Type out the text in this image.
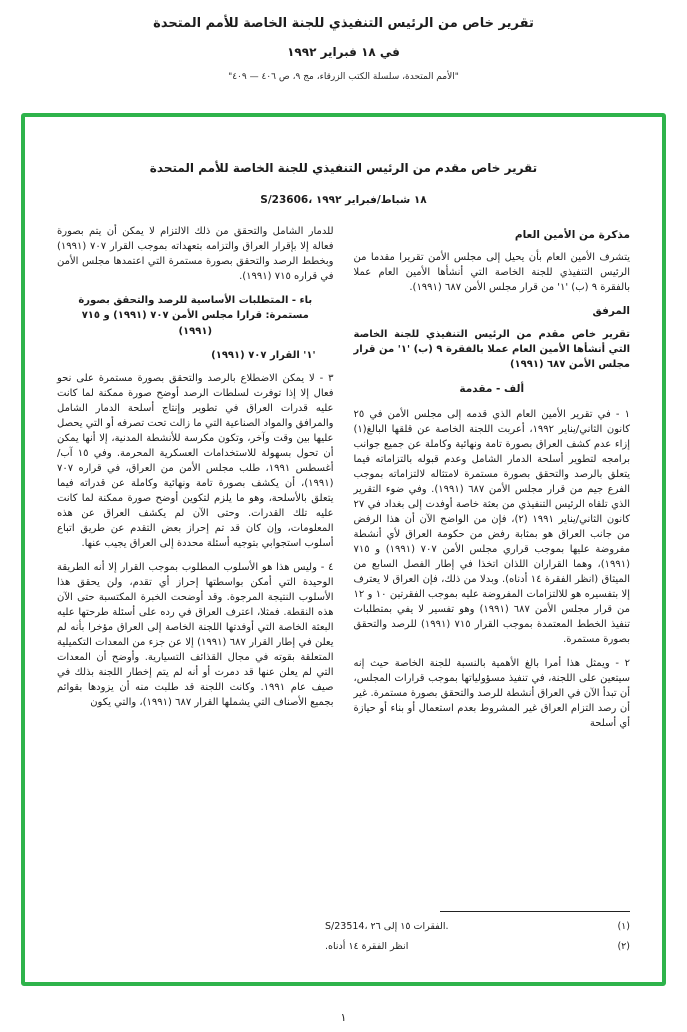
تقرير خاص من الرئيس التنفيذي للجنة الخاصة للأمم المتحدة
في ١٨ فبراير ١٩٩٢
"الأمم المتحدة، سلسلة الكتب الزرقاء، مج ٩، ص ٤٠٦ — ٤٠٩"
تقرير خاص مقدم من الرئيس التنفيذي للجنة الخاصة للأمم المتحدة
S/23606، ١٨ شباط/فبراير ١٩٩٢
مذكرة من الأمين العام

يتشرف الأمين العام بأن يحيل إلى مجلس الأمن تقريرا مقدما من الرئيس التنفيذي للجنة الخاصة التي أنشأها الأمين العام عملا بالفقرة ٩ (ب) '١' من قرار مجلس الأمن ٦٨٧ (١٩٩١).

المرفق

تقرير خاص مقدم من الرئيس التنفيذي للجنة الخاصة التي أنشأها الأمين العام عملا بالفقرة ٩ (ب) '١' من قرار مجلس الأمن ٦٨٧ (١٩٩١)

ألف - مقدمة

١ - في تقرير الأمين العام الذي قدمه إلى مجلس الأمن في ٢٥ كانون الثاني/يناير ١٩٩٢، أعربت اللجنة الخاصة عن قلقها البالغ(١) إزاء عدم كشف العراق بصورة تامة ونهائية وكاملة عن جميع جوانب برامجه لتطوير أسلحة الدمار الشامل وعدم قبوله بالتزاماته فيما يتعلق بالرصد والتحقق بصورة مستمرة لامتثاله لالتزاماته بموجب الفرع جيم من قرار مجلس الأمن ٦٨٧ (١٩٩١). وفي ضوء التقرير الذي تلقاه الرئيس التنفيذي من بعثة خاصة أوفدت إلى بغداد في ٢٧ كانون الثاني/يناير ١٩٩١ (٢)، فإن من الواضح الآن أن هذا الرفض من جانب العراق هو بمثابة رفض من حكومة العراق لأي أنشطة مفروضة عليها بموجب قراري مجلس الأمن ٧٠٧ (١٩٩١) و ٧١٥ (١٩٩١)، وهما القراران اللذان اتخذا في إطار الفصل السابع من الميثاق (انظر الفقرة ١٤ أدناه). وبدلا من ذلك، فإن العراق لا يعترف إلا بتفسيره هو للالتزامات المفروضة عليه بموجب الفقرتين ١٠ و ١٢ من قرار مجلس الأمن ٦٨٧ (١٩٩١) وهو تفسير لا يفي بمتطلبات تنفيذ الخطط المعتمدة بموجب القرار ٧١٥ (١٩٩١) للرصد والتحقق بصورة مستمرة.

٢ - ويمثل هذا أمرا بالغ الأهمية بالنسبة للجنة الخاصة حيث إنه سيتعين على اللجنة، في تنفيذ مسؤولياتها بموجب قرارات المجلس، أن تبدأ الآن في العراق أنشطة للرصد والتحقق بصورة مستمرة. غير أن رصد التزام العراق غير المشروط بعدم استعمال أو بناء أو حيازة أي أسلحة

للدمار الشامل والتحقق من ذلك الالتزام لا يمكن أن يتم بصورة فعالة إلا بإقرار العراق والتزامه بتعهداته بموجب القرار ٧٠٧ (١٩٩١) وبخطط الرصد والتحقق بصورة مستمرة التي اعتمدها مجلس الأمن في قراره ٧١٥ (١٩٩١).

باء - المتطلبات الأساسية للرصد والتحقق بصورة مستمرة: قرارا مجلس الأمن ٧٠٧ (١٩٩١) و ٧١٥ (١٩٩١)
'١' القرار ٧٠٧ (١٩٩١)

٣ - لا يمكن الاضطلاع بالرصد والتحقق بصورة مستمرة على نحو فعال إلا إذا توفرت لسلطات الرصد أوضح صورة ممكنة لما كانت عليه قدرات العراق في تطوير وإنتاج أسلحة الدمار الشامل والمرافق والمواد الصناعية التي ما زالت تحت تصرفه أو التي يحصل عليها بين وقت وآخر، وتكون مكرسة للأنشطة المدنية، إلا أنها يمكن أن تحول بسهولة للاستخدامات العسكرية المحرمة. وفي ١٥ آب/أغسطس ١٩٩١، طلب مجلس الأمن من العراق، في قراره ٧٠٧ (١٩٩١)، أن يكشف بصورة تامة ونهائية وكاملة عن قدراته فيما يتعلق بالأسلحة، وهو ما يلزم لتكوين أوضح صورة ممكنة لما كانت عليه تلك القدرات. وحتى الآن لم يكشف العراق عن هذه المعلومات، وإن كان قد تم إحراز بعض التقدم عن طريق اتباع أسلوب استجوابي بتوجيه أسئلة محددة إلى العراق يجيب عنها.

٤ - وليس هذا هو الأسلوب المطلوب بموجب القرار إلا أنه الطريقة الوحيدة التي أمكن بواسطتها إحراز أي تقدم، ولن يحقق هذا الأسلوب النتيجة المرجوة. وقد أوضحت الخبرة المكتسبة حتى الآن هذه النقطة. فمثلا، اعترف العراق في رده على أسئلة طرحتها عليه البعثة الخاصة التي أوفدتها اللجنة الخاصة إلى العراق مؤخرا بأنه لم يعلن في إطار القرار ٦٨٧ (١٩٩١) إلا عن جزء من المعدات التكميلية المتعلقة بقوته في مجال القذائف التسيارية. وأوضح أن المعدات التي لم يعلن عنها قد دمرت أو أنه لم يتم إخطار اللجنة بذلك في صيف عام ١٩٩١. وكانت اللجنة قد طلبت منه أن يزودها بقوائم بجميع الأصناف التي يشملها القرار ٦٨٧ (١٩٩١)، والتي يكون

(١)
S/23514، الفقرات ١٥ إلى ٢٦.
(٢)
انظر الفقرة ١٤ أدناه.
١
